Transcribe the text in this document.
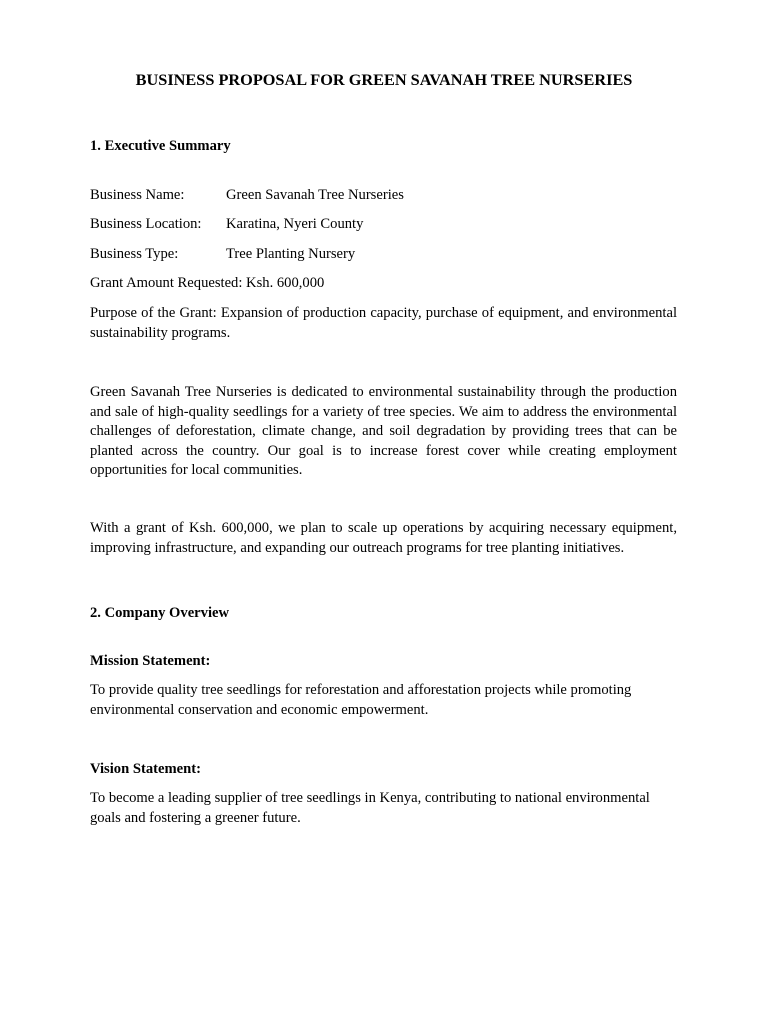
BUSINESS PROPOSAL FOR GREEN SAVANAH TREE NURSERIES
1. Executive Summary
Business Name:	Green Savanah Tree Nurseries
Business Location: Karatina, Nyeri County
Business Type:	Tree Planting Nursery
Grant Amount Requested: Ksh. 600,000

Purpose of the Grant: Expansion of production capacity, purchase of equipment, and environmental sustainability programs.

Green Savanah Tree Nurseries is dedicated to environmental sustainability through the production and sale of high-quality seedlings for a variety of tree species. We aim to address the environmental challenges of deforestation, climate change, and soil degradation by providing trees that can be planted across the country. Our goal is to increase forest cover while creating employment opportunities for local communities.

With a grant of Ksh. 600,000, we plan to scale up operations by acquiring necessary equipment, improving infrastructure, and expanding our outreach programs for tree planting initiatives.

2. Company Overview
Mission Statement:

To provide quality tree seedlings for reforestation and afforestation projects while promoting environmental conservation and economic empowerment.

Vision Statement:

To become a leading supplier of tree seedlings in Kenya, contributing to national environmental goals and fostering a greener future.
